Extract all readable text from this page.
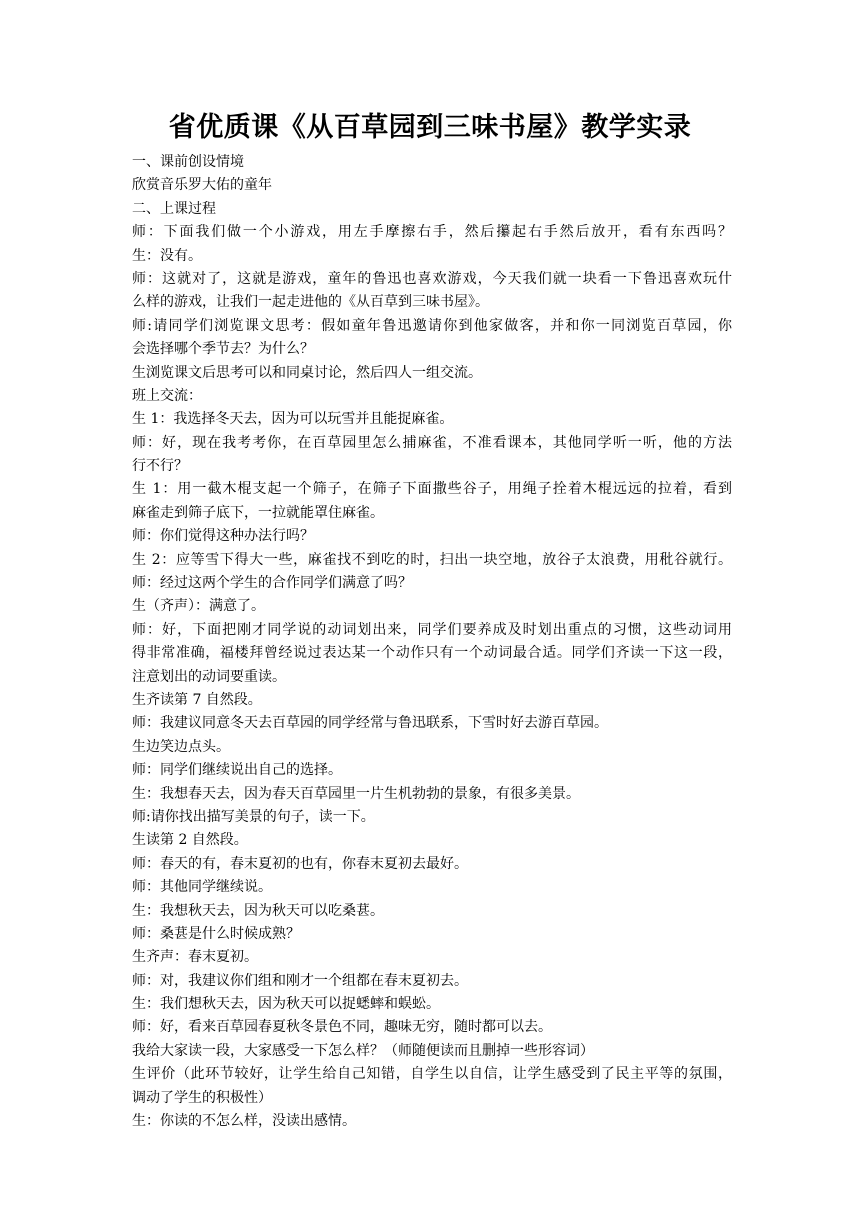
省优质课《从百草园到三味书屋》教学实录
一、课前创设情境
欣赏音乐罗大佑的童年
二、上课过程
师：下面我们做一个小游戏，用左手摩擦右手，然后攥起右手然后放开，看有东西吗？
生：没有。
师：这就对了，这就是游戏，童年的鲁迅也喜欢游戏，今天我们就一块看一下鲁迅喜欢玩什
么样的游戏，让我们一起走进他的《从百草到三味书屋》。
师:请同学们浏览课文思考：假如童年鲁迅邀请你到他家做客，并和你一同浏览百草园，你
会选择哪个季节去？为什么？
生浏览课文后思考可以和同桌讨论，然后四人一组交流。
班上交流：
生 1：我选择冬天去，因为可以玩雪并且能捉麻雀。
师：好，现在我考考你，在百草园里怎么捕麻雀，不准看课本，其他同学听一听，他的方法
行不行？
生 1：用一截木棍支起一个筛子，在筛子下面撒些谷子，用绳子拴着木棍远远的拉着，看到
麻雀走到筛子底下，一拉就能罩住麻雀。
师：你们觉得这种办法行吗？
生 2：应等雪下得大一些，麻雀找不到吃的时，扫出一块空地，放谷子太浪费，用秕谷就行。
师：经过这两个学生的合作同学们满意了吗？
生（齐声）：满意了。
师：好，下面把刚才同学说的动词划出来，同学们要养成及时划出重点的习惯，这些动词用
得非常准确，福楼拜曾经说过表达某一个动作只有一个动词最合适。同学们齐读一下这一段，
注意划出的动词要重读。
生齐读第 7 自然段。
师：我建议同意冬天去百草园的同学经常与鲁迅联系，下雪时好去游百草园。
生边笑边点头。
师：同学们继续说出自己的选择。
生：我想春天去，因为春天百草园里一片生机勃勃的景象，有很多美景。
师:请你找出描写美景的句子，读一下。
生读第 2 自然段。
师：春天的有，春末夏初的也有，你春末夏初去最好。
师：其他同学继续说。
生：我想秋天去，因为秋天可以吃桑葚。
师：桑葚是什么时候成熟？
生齐声：春末夏初。
师：对，我建议你们组和刚才一个组都在春末夏初去。
生：我们想秋天去，因为秋天可以捉蟋蟀和蜈蚣。
师：好，看来百草园春夏秋冬景色不同，趣味无穷，随时都可以去。
我给大家读一段，大家感受一下怎么样？（师随便读而且删掉一些形容词）
生评价（此环节较好，让学生给自己知错，自学生以自信，让学生感受到了民主平等的氛围，
调动了学生的积极性）
生：你读的不怎么样，没读出感情。
